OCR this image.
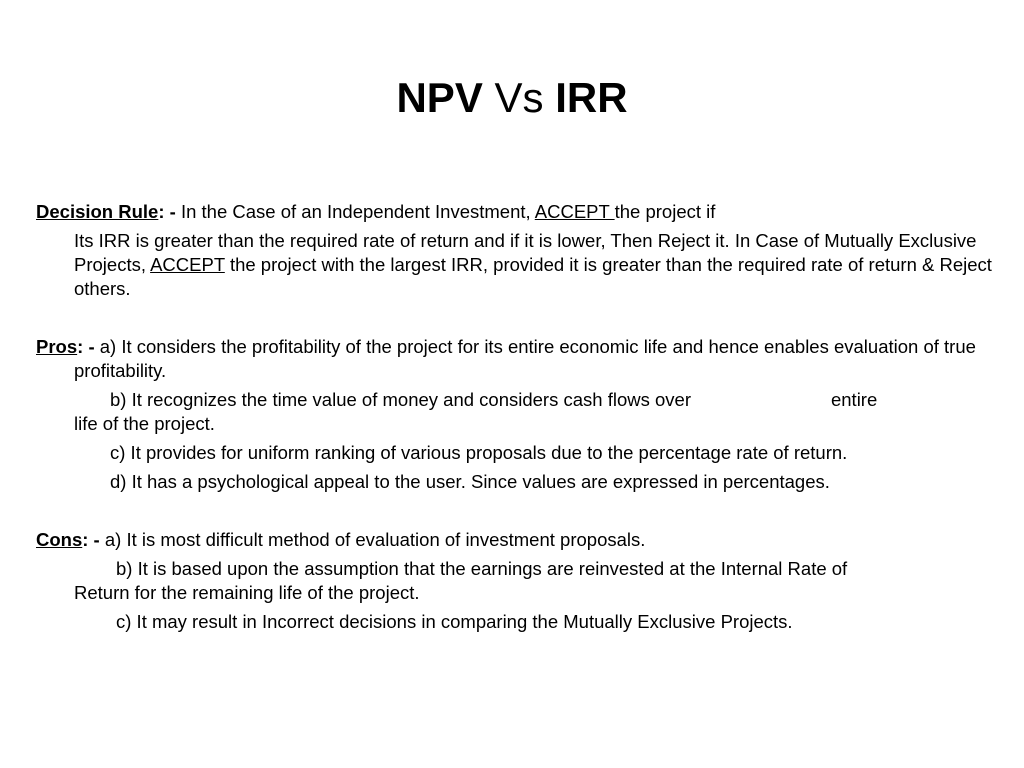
NPV Vs IRR

Decision Rule: - In the Case of an Independent Investment, ACCEPT the project if

Its IRR is greater than the required rate of return and if it is lower, Then Reject it. In Case of Mutually Exclusive Projects, ACCEPT the project with the largest IRR, provided it is greater than the required rate of return & Reject others.

Pros: - a) It considers the profitability of the project for its entire economic life and hence enables evaluation of true profitability.

b) It recognizes the time value of money and considers cash flows over	entire
life of the project.

c) It provides for uniform ranking of various proposals due to the percentage rate of return.

d) It has a psychological appeal to the user. Since values are expressed in percentages.

Cons: - a) It is most difficult method of evaluation of investment proposals.

b) It is based upon the assumption that the earnings are reinvested at the Internal Rate of
Return for the remaining life of the project.

c) It may result in Incorrect decisions in comparing the Mutually Exclusive Projects.
